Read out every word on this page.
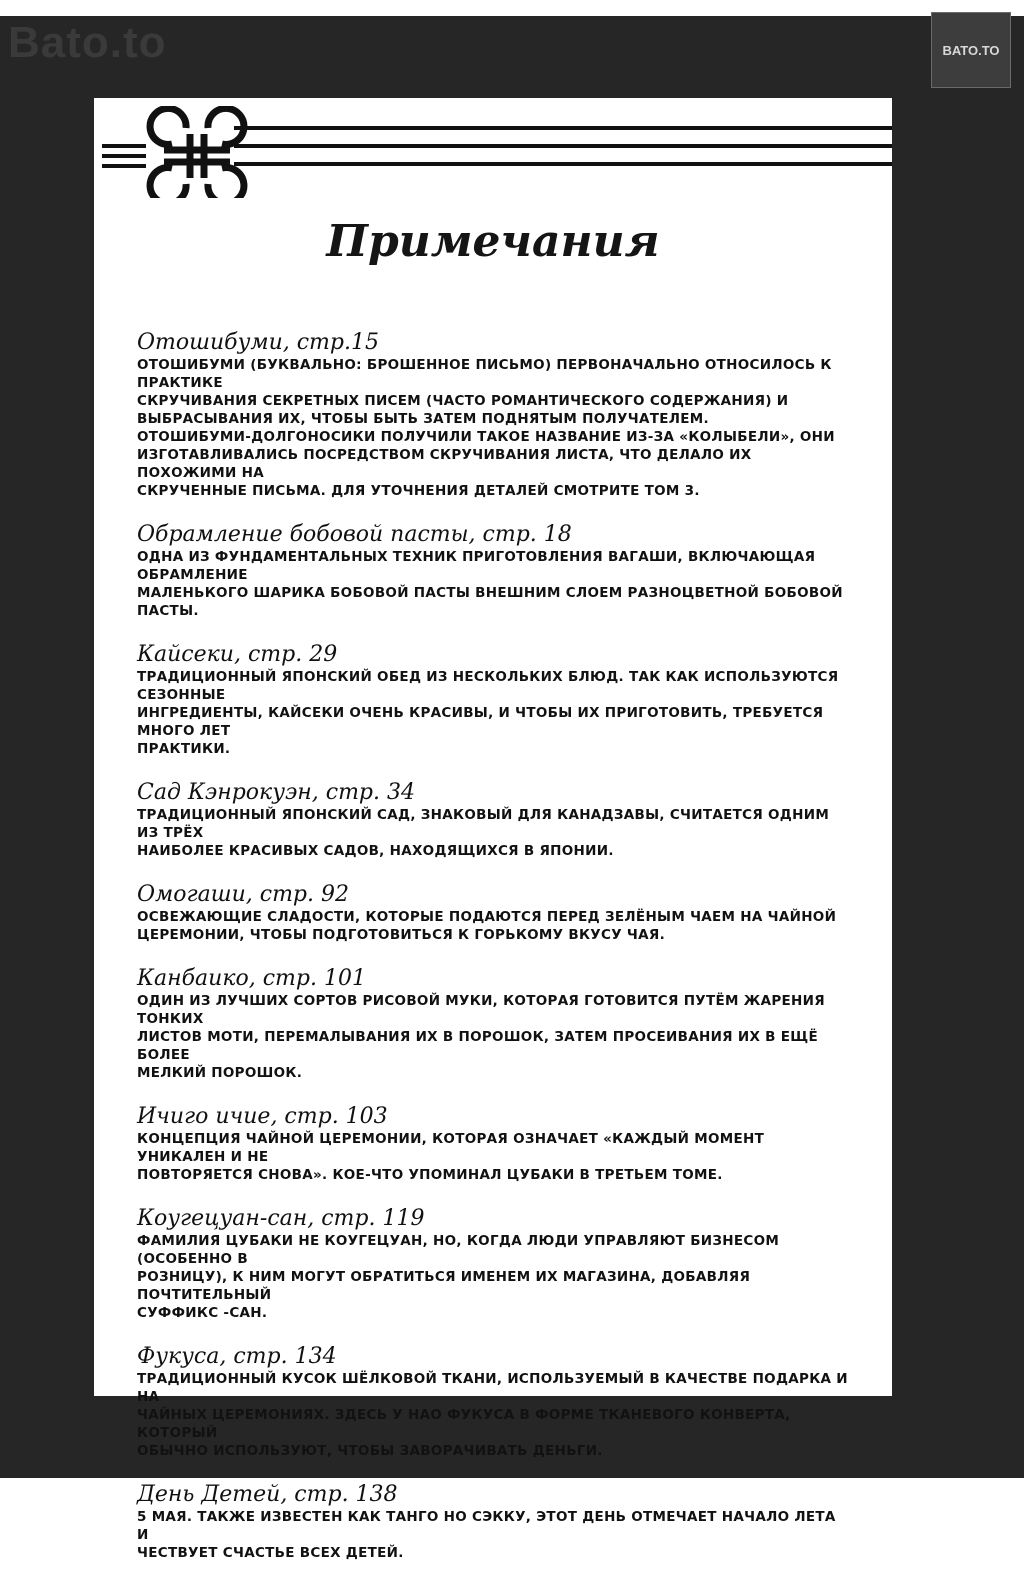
Bato.to	BATO.TO
Примечания
Отошибуми, стр.15
ОТОШИБУМИ (БУКВАЛЬНО: БРОШЕННОЕ ПИСЬМО) ПЕРВОНАЧАЛЬНО ОТНОСИЛОСЬ К ПРАКТИКЕ
СКРУЧИВАНИЯ СЕКРЕТНЫХ ПИСЕМ (ЧАСТО РОМАНТИЧЕСКОГО СОДЕРЖАНИЯ) И
ВЫБРАСЫВАНИЯ ИХ, ЧТОБЫ БЫТЬ ЗАТЕМ ПОДНЯТЫМ ПОЛУЧАТЕЛЕМ.
ОТОШИБУМИ-ДОЛГОНОСИКИ ПОЛУЧИЛИ ТАКОЕ НАЗВАНИЕ ИЗ-ЗА «КОЛЫБЕЛИ», ОНИ
ИЗГОТАВЛИВАЛИСЬ ПОСРЕДСТВОМ СКРУЧИВАНИЯ ЛИСТА, ЧТО ДЕЛАЛО ИХ ПОХОЖИМИ НА
СКРУЧЕННЫЕ ПИСЬМА. ДЛЯ УТОЧНЕНИЯ ДЕТАЛЕЙ СМОТРИТЕ ТОМ 3.
Обрамление бобовой пасты, стр. 18
ОДНА ИЗ ФУНДАМЕНТАЛЬНЫХ ТЕХНИК ПРИГОТОВЛЕНИЯ ВАГАШИ, ВКЛЮЧАЮЩАЯ ОБРАМЛЕНИЕ
МАЛЕНЬКОГО ШАРИКА БОБОВОЙ ПАСТЫ ВНЕШНИМ СЛОЕМ РАЗНОЦВЕТНОЙ БОБОВОЙ ПАСТЫ.
Кайсеки, стр. 29
ТРАДИЦИОННЫЙ ЯПОНСКИЙ ОБЕД ИЗ НЕСКОЛЬКИХ БЛЮД. ТАК КАК ИСПОЛЬЗУЮТСЯ СЕЗОННЫЕ
ИНГРЕДИЕНТЫ, КАЙСЕКИ ОЧЕНЬ КРАСИВЫ, И ЧТОБЫ ИХ ПРИГОТОВИТЬ, ТРЕБУЕТСЯ МНОГО ЛЕТ
ПРАКТИКИ.
Сад Кэнрокуэн, стр. 34
ТРАДИЦИОННЫЙ ЯПОНСКИЙ САД, ЗНАКОВЫЙ ДЛЯ КАНАДЗАВЫ, СЧИТАЕТСЯ ОДНИМ ИЗ ТРЁХ
НАИБОЛЕЕ КРАСИВЫХ САДОВ, НАХОДЯЩИХСЯ В ЯПОНИИ.
Омогаши, стр. 92
ОСВЕЖАЮЩИЕ СЛАДОСТИ, КОТОРЫЕ ПОДАЮТСЯ ПЕРЕД ЗЕЛЁНЫМ ЧАЕМ НА ЧАЙНОЙ
ЦЕРЕМОНИИ, ЧТОБЫ ПОДГОТОВИТЬСЯ К ГОРЬКОМУ ВКУСУ ЧАЯ.
Канбаико, стр. 101
ОДИН ИЗ ЛУЧШИХ СОРТОВ РИСОВОЙ МУКИ, КОТОРАЯ ГОТОВИТСЯ ПУТЁМ ЖАРЕНИЯ ТОНКИХ
ЛИСТОВ МОТИ, ПЕРЕМАЛЫВАНИЯ ИХ В ПОРОШОК, ЗАТЕМ ПРОСЕИВАНИЯ ИХ В ЕЩЁ БОЛЕЕ
МЕЛКИЙ ПОРОШОК.
Ичиго ичие, стр. 103
КОНЦЕПЦИЯ ЧАЙНОЙ ЦЕРЕМОНИИ, КОТОРАЯ ОЗНАЧАЕТ «КАЖДЫЙ МОМЕНТ УНИКАЛЕН И НЕ
ПОВТОРЯЕТСЯ СНОВА». КОЕ-ЧТО УПОМИНАЛ ЦУБАКИ В ТРЕТЬЕМ ТОМЕ.
Коугецуан-сан, стр. 119
ФАМИЛИЯ ЦУБАКИ НЕ КОУГЕЦУАН, НО, КОГДА ЛЮДИ УПРАВЛЯЮТ БИЗНЕСОМ (ОСОБЕННО В
РОЗНИЦУ), К НИМ МОГУТ ОБРАТИТЬСЯ ИМЕНЕМ ИХ МАГАЗИНА, ДОБАВЛЯЯ ПОЧТИТЕЛЬНЫЙ
СУФФИКС -САН.
Фукуса, стр. 134
ТРАДИЦИОННЫЙ КУСОК ШЁЛКОВОЙ ТКАНИ, ИСПОЛЬЗУЕМЫЙ В КАЧЕСТВЕ ПОДАРКА И НА
ЧАЙНЫХ ЦЕРЕМОНИЯХ. ЗДЕСЬ У НАО ФУКУСА В ФОРМЕ ТКАНЕВОГО КОНВЕРТА, КОТОРЫЙ
ОБЫЧНО ИСПОЛЬЗУЮТ, ЧТОБЫ ЗАВОРАЧИВАТЬ ДЕНЬГИ.
День Детей, стр. 138
5 МАЯ. ТАКЖЕ ИЗВЕСТЕН КАК ТАНГО НО СЭККУ, ЭТОТ ДЕНЬ ОТМЕЧАЕТ НАЧАЛО ЛЕТА И
ЧЕСТВУЕТ СЧАСТЬЕ ВСЕХ ДЕТЕЙ.
